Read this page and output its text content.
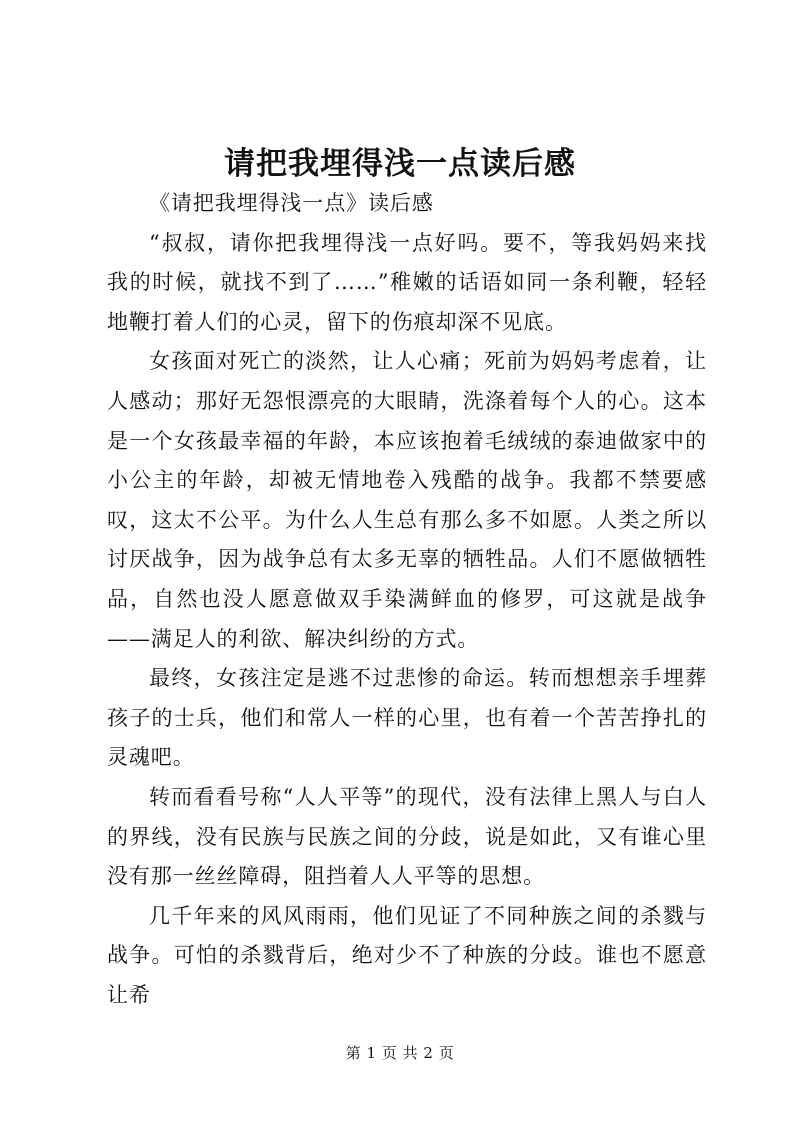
请把我埋得浅一点读后感

《请把我埋得浅一点》读后感

“叔叔，请你把我埋得浅一点好吗。要不，等我妈妈来找我的时候，就找不到了……”稚嫩的话语如同一条利鞭，轻轻地鞭打着人们的心灵，留下的伤痕却深不见底。

女孩面对死亡的淡然，让人心痛；死前为妈妈考虑着，让人感动；那好无怨恨漂亮的大眼睛，洗涤着每个人的心。这本是一个女孩最幸福的年龄，本应该抱着毛绒绒的泰迪做家中的小公主的年龄，却被无情地卷入残酷的战争。我都不禁要感叹，这太不公平。为什么人生总有那么多不如愿。人类之所以讨厌战争，因为战争总有太多无辜的牺牲品。人们不愿做牺牲品，自然也没人愿意做双手染满鲜血的修罗，可这就是战争——满足人的利欲、解决纠纷的方式。

最终，女孩注定是逃不过悲惨的命运。转而想想亲手埋葬孩子的士兵，他们和常人一样的心里，也有着一个苦苦挣扎的灵魂吧。

转而看看号称“人人平等”的现代，没有法律上黑人与白人的界线，没有民族与民族之间的分歧，说是如此，又有谁心里没有那一丝丝障碍，阻挡着人人平等的思想。

几千年来的风风雨雨，他们见证了不同种族之间的杀戮与战争。可怕的杀戮背后，绝对少不了种族的分歧。谁也不愿意让希

第 1 页 共 2 页
